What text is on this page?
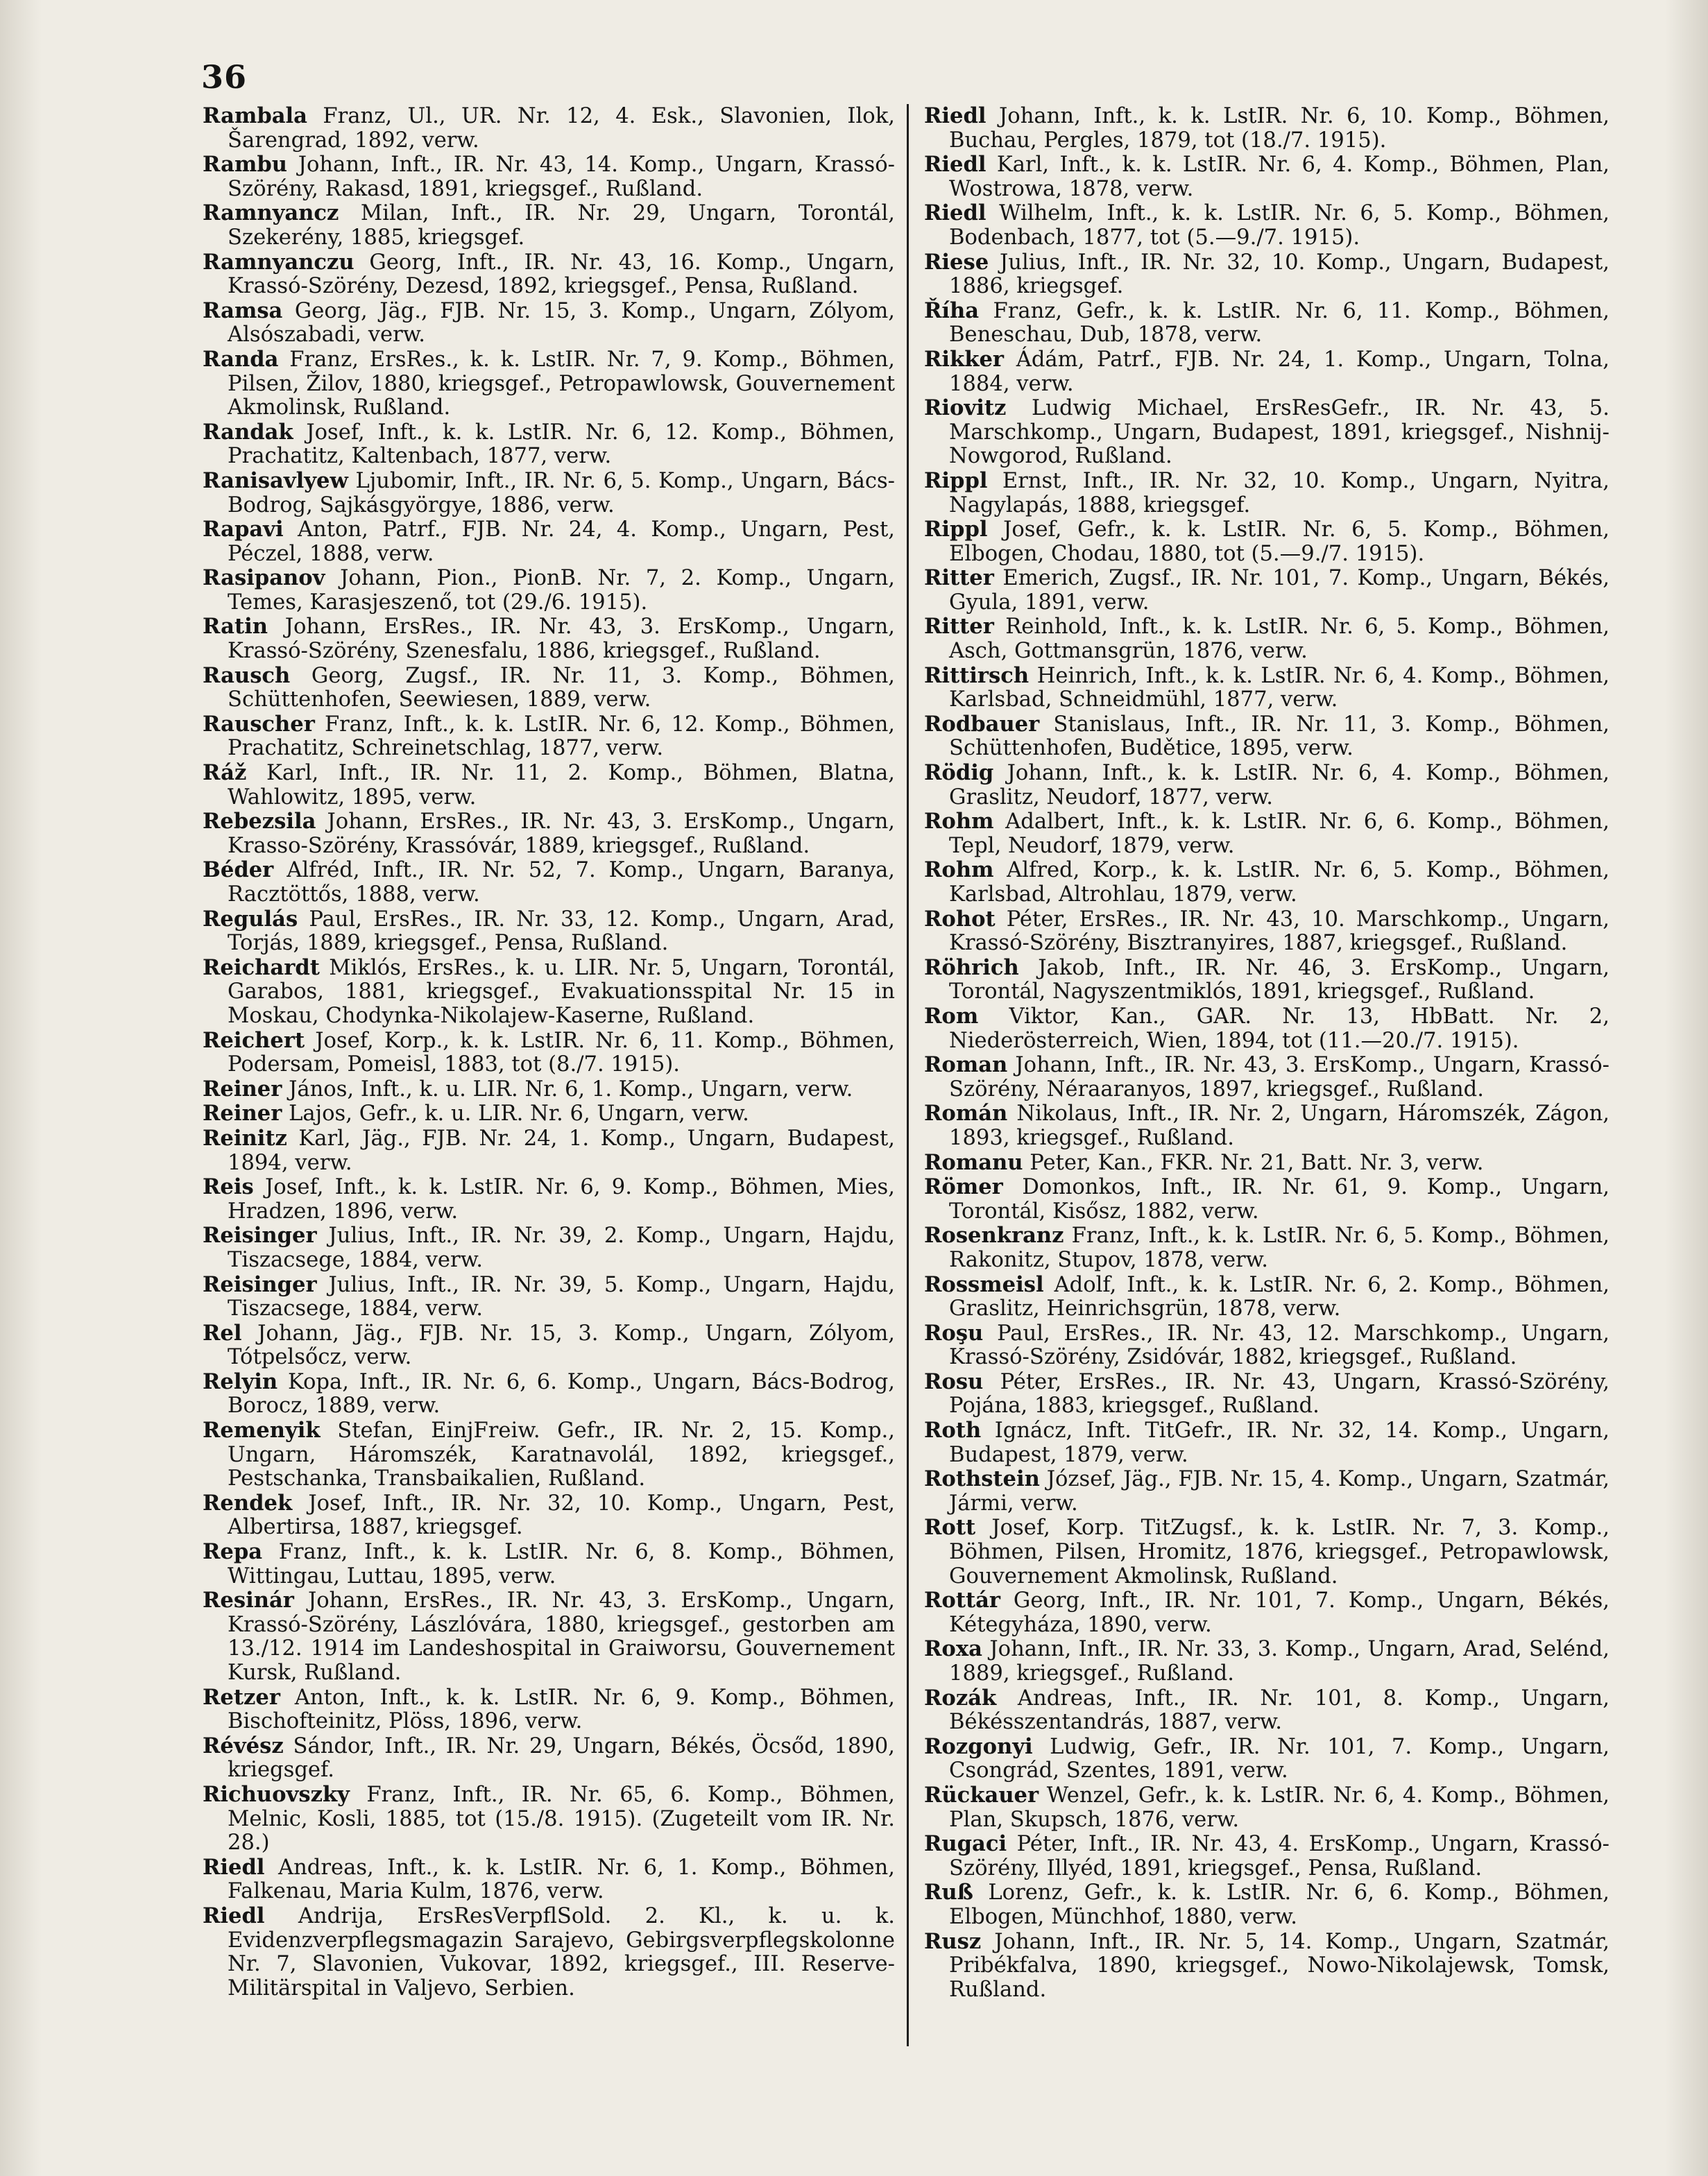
36
Rambala Franz, Ul., UR. Nr. 12, 4. Esk., Slavonien, Ilok, Šarengrad, 1892, verw.
Rambu Johann, Inft., IR. Nr. 43, 14. Komp., Ungarn, Krassó-Szörény, Rakasd, 1891, kriegsgef., Rußland.
Ramnyancz Milan, Inft., IR. Nr. 29, Ungarn, Torontál, Szekerény, 1885, kriegsgef.
Ramnyanczu Georg, Inft., IR. Nr. 43, 16. Komp., Ungarn, Krassó-Szörény, Dezesd, 1892, kriegsgef., Pensa, Rußland.
Ramsa Georg, Jäg., FJB. Nr. 15, 3. Komp., Ungarn, Zólyom, Alsószabadi, verw.
Randa Franz, ErsRes., k. k. LstIR. Nr. 7, 9. Komp., Böhmen, Pilsen, Žilov, 1880, kriegsgef., Petropawlowsk, Gouvernement Akmolinsk, Rußland.
Randak Josef, Inft., k. k. LstIR. Nr. 6, 12. Komp., Böhmen, Prachatitz, Kaltenbach, 1877, verw.
Ranisavlyew Ljubomir, Inft., IR. Nr. 6, 5. Komp., Ungarn, Bács-Bodrog, Sajkásgyörgye, 1886, verw.
Rapavi Anton, Patrf., FJB. Nr. 24, 4. Komp., Ungarn, Pest, Péczel, 1888, verw.
Rasipanov Johann, Pion., PionB. Nr. 7, 2. Komp., Ungarn, Temes, Karasjeszenő, tot (29./6. 1915).
Ratin Johann, ErsRes., IR. Nr. 43, 3. ErsKomp., Ungarn, Krassó-Szörény, Szenesfalu, 1886, kriegsgef., Rußland.
Rausch Georg, Zugsf., IR. Nr. 11, 3. Komp., Böhmen, Schüttenhofen, Seewiesen, 1889, verw.
Rauscher Franz, Inft., k. k. LstIR. Nr. 6, 12. Komp., Böhmen, Prachatitz, Schreinetschlag, 1877, verw.
Ráž Karl, Inft., IR. Nr. 11, 2. Komp., Böhmen, Blatna, Wahlowitz, 1895, verw.
Rebezsila Johann, ErsRes., IR. Nr. 43, 3. ErsKomp., Ungarn, Krasso-Szörény, Krassóvár, 1889, kriegsgef., Rußland.
Béder Alfréd, Inft., IR. Nr. 52, 7. Komp., Ungarn, Baranya, Racztöttős, 1888, verw.
Regulás Paul, ErsRes., IR. Nr. 33, 12. Komp., Ungarn, Arad, Torjás, 1889, kriegsgef., Pensa, Rußland.
Reichardt Miklós, ErsRes., k. u. LIR. Nr. 5, Ungarn, Torontál, Garabos, 1881, kriegsgef., Evakuationsspital Nr. 15 in Moskau, Chodynka-Nikolajew-Kaserne, Rußland.
Reichert Josef, Korp., k. k. LstIR. Nr. 6, 11. Komp., Böhmen, Podersam, Pomeisl, 1883, tot (8./7. 1915).
Reiner János, Inft., k. u. LIR. Nr. 6, 1. Komp., Ungarn, verw.
Reiner Lajos, Gefr., k. u. LIR. Nr. 6, Ungarn, verw.
Reinitz Karl, Jäg., FJB. Nr. 24, 1. Komp., Ungarn, Budapest, 1894, verw.
Reis Josef, Inft., k. k. LstIR. Nr. 6, 9. Komp., Böhmen, Mies, Hradzen, 1896, verw.
Reisinger Julius, Inft., IR. Nr. 39, 2. Komp., Ungarn, Hajdu, Tiszacsege, 1884, verw.
Reisinger Julius, Inft., IR. Nr. 39, 5. Komp., Ungarn, Hajdu, Tiszacsege, 1884, verw.
Rel Johann, Jäg., FJB. Nr. 15, 3. Komp., Ungarn, Zólyom, Tótpelsőcz, verw.
Relyin Kopa, Inft., IR. Nr. 6, 6. Komp., Ungarn, Bács-Bodrog, Borocz, 1889, verw.
Remenyik Stefan, EinjFreiw. Gefr., IR. Nr. 2, 15. Komp., Ungarn, Háromszék, Karatnavolál, 1892, kriegsgef., Pestschanka, Transbaikalien, Rußland.
Rendek Josef, Inft., IR. Nr. 32, 10. Komp., Ungarn, Pest, Albertirsa, 1887, kriegsgef.
Repa Franz, Inft., k. k. LstIR. Nr. 6, 8. Komp., Böhmen, Wittingau, Luttau, 1895, verw.
Resinár Johann, ErsRes., IR. Nr. 43, 3. ErsKomp., Ungarn, Krassó-Szörény, Lászlóvára, 1880, kriegsgef., gestorben am 13./12. 1914 im Landeshospital in Graiworsu, Gouvernement Kursk, Rußland.
Retzer Anton, Inft., k. k. LstIR. Nr. 6, 9. Komp., Böhmen, Bischofteinitz, Plöss, 1896, verw.
Révész Sándor, Inft., IR. Nr. 29, Ungarn, Békés, Öcsőd, 1890, kriegsgef.
Richuovszky Franz, Inft., IR. Nr. 65, 6. Komp., Böhmen, Melnic, Kosli, 1885, tot (15./8. 1915). (Zugeteilt vom IR. Nr. 28.)
Riedl Andreas, Inft., k. k. LstIR. Nr. 6, 1. Komp., Böhmen, Falkenau, Maria Kulm, 1876, verw.
Riedl Andrija, ErsResVerpflSold. 2. Kl., k. u. k. Evidenzverpflegsmagazin Sarajevo, Gebirgsverpflegskolonne Nr. 7, Slavonien, Vukovar, 1892, kriegsgef., III. Reserve-Militärspital in Valjevo, Serbien.
Riedl Johann, Inft., k. k. LstIR. Nr. 6, 10. Komp., Böhmen, Buchau, Pergles, 1879, tot (18./7. 1915).
Riedl Karl, Inft., k. k. LstIR. Nr. 6, 4. Komp., Böhmen, Plan, Wostrowa, 1878, verw.
Riedl Wilhelm, Inft., k. k. LstIR. Nr. 6, 5. Komp., Böhmen, Bodenbach, 1877, tot (5.—9./7. 1915).
Riese Julius, Inft., IR. Nr. 32, 10. Komp., Ungarn, Budapest, 1886, kriegsgef.
Říha Franz, Gefr., k. k. LstIR. Nr. 6, 11. Komp., Böhmen, Beneschau, Dub, 1878, verw.
Rikker Ádám, Patrf., FJB. Nr. 24, 1. Komp., Ungarn, Tolna, 1884, verw.
Riovitz Ludwig Michael, ErsResGefr., IR. Nr. 43, 5. Marschkomp., Ungarn, Budapest, 1891, kriegsgef., Nishnij-Nowgorod, Rußland.
Rippl Ernst, Inft., IR. Nr. 32, 10. Komp., Ungarn, Nyitra, Nagylapás, 1888, kriegsgef.
Rippl Josef, Gefr., k. k. LstIR. Nr. 6, 5. Komp., Böhmen, Elbogen, Chodau, 1880, tot (5.—9./7. 1915).
Ritter Emerich, Zugsf., IR. Nr. 101, 7. Komp., Ungarn, Békés, Gyula, 1891, verw.
Ritter Reinhold, Inft., k. k. LstIR. Nr. 6, 5. Komp., Böhmen, Asch, Gottmansgrün, 1876, verw.
Rittirsch Heinrich, Inft., k. k. LstIR. Nr. 6, 4. Komp., Böhmen, Karlsbad, Schneidmühl, 1877, verw.
Rodbauer Stanislaus, Inft., IR. Nr. 11, 3. Komp., Böhmen, Schüttenhofen, Budětice, 1895, verw.
Rödig Johann, Inft., k. k. LstIR. Nr. 6, 4. Komp., Böhmen, Graslitz, Neudorf, 1877, verw.
Rohm Adalbert, Inft., k. k. LstIR. Nr. 6, 6. Komp., Böhmen, Tepl, Neudorf, 1879, verw.
Rohm Alfred, Korp., k. k. LstIR. Nr. 6, 5. Komp., Böhmen, Karlsbad, Altrohlau, 1879, verw.
Rohot Péter, ErsRes., IR. Nr. 43, 10. Marschkomp., Ungarn, Krassó-Szörény, Bisztranyires, 1887, kriegsgef., Rußland.
Röhrich Jakob, Inft., IR. Nr. 46, 3. ErsKomp., Ungarn, Torontál, Nagyszentmiklós, 1891, kriegsgef., Rußland.
Rom Viktor, Kan., GAR. Nr. 13, HbBatt. Nr. 2, Niederösterreich, Wien, 1894, tot (11.—20./7. 1915).
Roman Johann, Inft., IR. Nr. 43, 3. ErsKomp., Ungarn, Krassó-Szörény, Néraaranyos, 1897, kriegsgef., Rußland.
Román Nikolaus, Inft., IR. Nr. 2, Ungarn, Háromszék, Zágon, 1893, kriegsgef., Rußland.
Romanu Peter, Kan., FKR. Nr. 21, Batt. Nr. 3, verw.
Römer Domonkos, Inft., IR. Nr. 61, 9. Komp., Ungarn, Torontál, Kisősz, 1882, verw.
Rosenkranz Franz, Inft., k. k. LstIR. Nr. 6, 5. Komp., Böhmen, Rakonitz, Stupov, 1878, verw.
Rossmeisl Adolf, Inft., k. k. LstIR. Nr. 6, 2. Komp., Böhmen, Graslitz, Heinrichsgrün, 1878, verw.
Roşu Paul, ErsRes., IR. Nr. 43, 12. Marschkomp., Ungarn, Krassó-Szörény, Zsidóvár, 1882, kriegsgef., Rußland.
Rosu Péter, ErsRes., IR. Nr. 43, Ungarn, Krassó-Szörény, Pojána, 1883, kriegsgef., Rußland.
Roth Ignácz, Inft. TitGefr., IR. Nr. 32, 14. Komp., Ungarn, Budapest, 1879, verw.
Rothstein József, Jäg., FJB. Nr. 15, 4. Komp., Ungarn, Szatmár, Jármi, verw.
Rott Josef, Korp. TitZugsf., k. k. LstIR. Nr. 7, 3. Komp., Böhmen, Pilsen, Hromitz, 1876, kriegsgef., Petropawlowsk, Gouvernement Akmolinsk, Rußland.
Rottár Georg, Inft., IR. Nr. 101, 7. Komp., Ungarn, Békés, Kétegyháza, 1890, verw.
Roxa Johann, Inft., IR. Nr. 33, 3. Komp., Ungarn, Arad, Selénd, 1889, kriegsgef., Rußland.
Rozák Andreas, Inft., IR. Nr. 101, 8. Komp., Ungarn, Békésszentandrás, 1887, verw.
Rozgonyi Ludwig, Gefr., IR. Nr. 101, 7. Komp., Ungarn, Csongrád, Szentes, 1891, verw.
Rückauer Wenzel, Gefr., k. k. LstIR. Nr. 6, 4. Komp., Böhmen, Plan, Skupsch, 1876, verw.
Rugaci Péter, Inft., IR. Nr. 43, 4. ErsKomp., Ungarn, Krassó-Szörény, Illyéd, 1891, kriegsgef., Pensa, Rußland.
Ruß Lorenz, Gefr., k. k. LstIR. Nr. 6, 6. Komp., Böhmen, Elbogen, Münchhof, 1880, verw.
Rusz Johann, Inft., IR. Nr. 5, 14. Komp., Ungarn, Szatmár, Pribékfalva, 1890, kriegsgef., Nowo-Nikolajewsk, Tomsk, Rußland.
